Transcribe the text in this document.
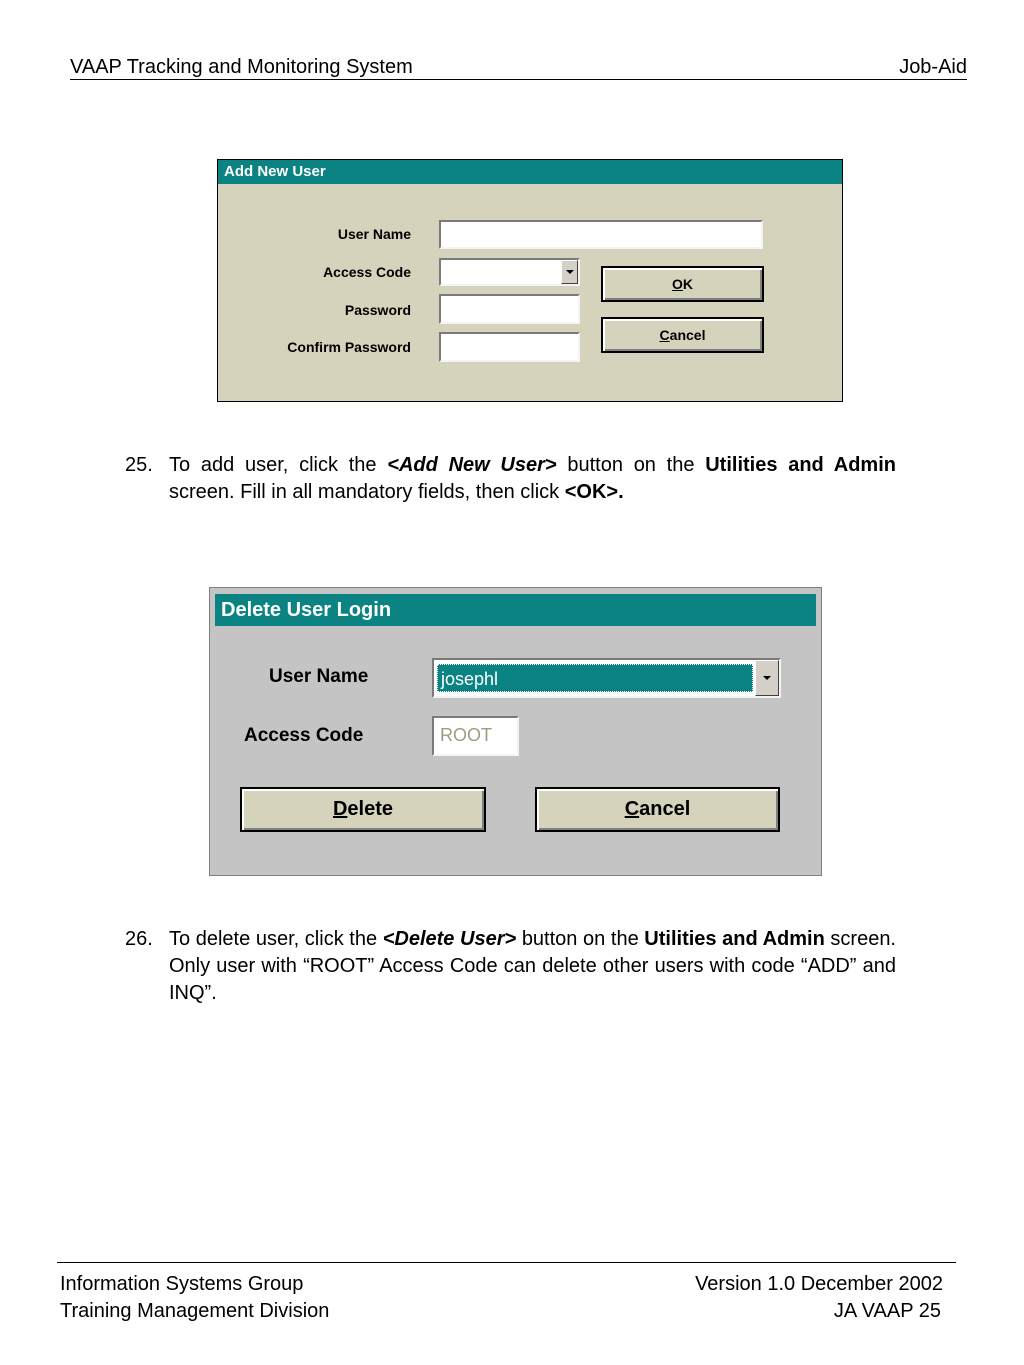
VAAP Tracking and Monitoring System	Job-Aid
Add New User
User Name
Access Code
Password
Confirm Password
O K
C ancel
25. To add user, click the <Add New User> button on the Utilities and Admin screen. Fill in all mandatory fields, then click <OK>.
Delete User Login
User Name	josephl
Access Code	ROOT
D elete	C ancel
26. To delete user, click the <Delete User> button on the Utilities and Admin screen. Only user with “ROOT” Access Code can delete other users with code “ADD” and INQ”.
Information Systems Group
Training Management Division
Version 1.0 December 2002
JA VAAP 25
